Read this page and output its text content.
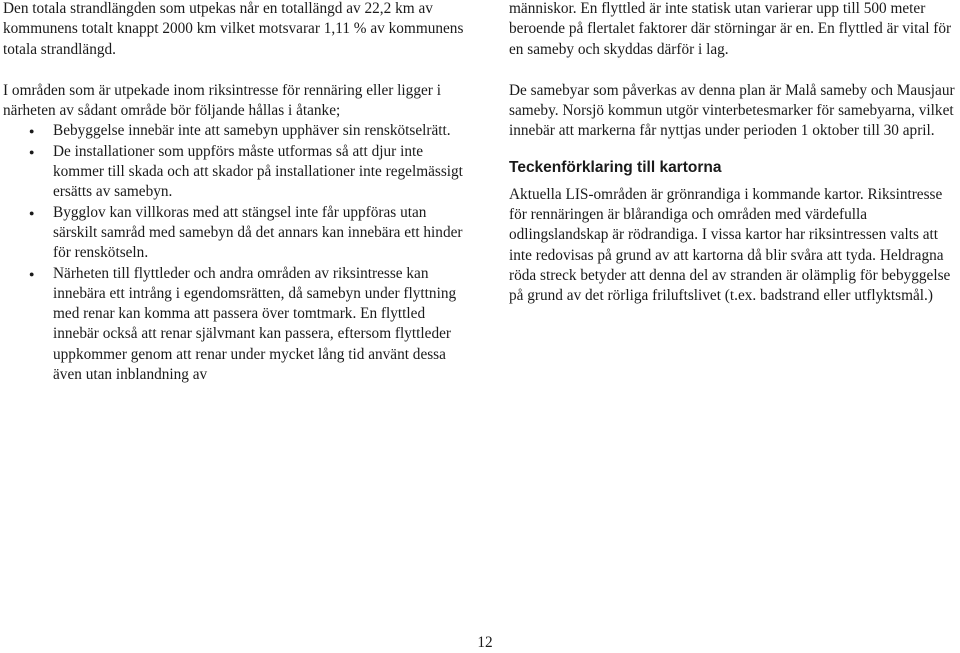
Den totala strandlängden som utpekas når en totallängd av 22,2 km av kommunens totalt knappt 2000 km vilket motsvarar 1,11 % av kommunens totala strandlängd.

I områden som är utpekade inom riksintresse för rennäring eller ligger i närheten av sådant område bör följande hållas i åtanke;

● Bebyggelse innebär inte att samebyn upphäver sin renskötselrätt.
● De installationer som uppförs måste utformas så att djur inte kommer till skada och att skador på installationer inte regelmässigt ersätts av samebyn.
● Bygglov kan villkoras med att stängsel inte får uppföras utan särskilt samråd med samebyn då det annars kan innebära ett hinder för renskötseln.
● Närheten till flyttleder och andra områden av riksintresse kan innebära ett intrång i egendomsrätten, då samebyn under flyttning med renar kan komma att passera över tomtmark. En flyttled innebär också att renar självmant kan passera, eftersom flyttleder uppkommer genom att renar under mycket lång tid använt dessa även utan inblandning av

människor. En flyttled är inte statisk utan varierar upp till 500 meter beroende på flertalet faktorer där störningar är en. En flyttled är vital för en sameby och skyddas därför i lag.

De samebyar som påverkas av denna plan är Malå sameby och Mausjaur sameby. Norsjö kommun utgör vinterbetesmarker för samebyarna, vilket innebär att markerna får nyttjas under perioden 1 oktober till 30 april.

Teckenförklaring till kartorna

Aktuella LIS-områden är grönrandiga i kommande kartor. Riksintresse för rennäringen är blårandiga och områden med värdefulla odlingslandskap är rödrandiga. I vissa kartor har riksintressen valts att inte redovisas på grund av att kartorna då blir svåra att tyda. Heldragna röda streck betyder att denna del av stranden är olämplig för bebyggelse på grund av det rörliga friluftslivet (t.ex. badstrand eller utflyktsmål.)

12
